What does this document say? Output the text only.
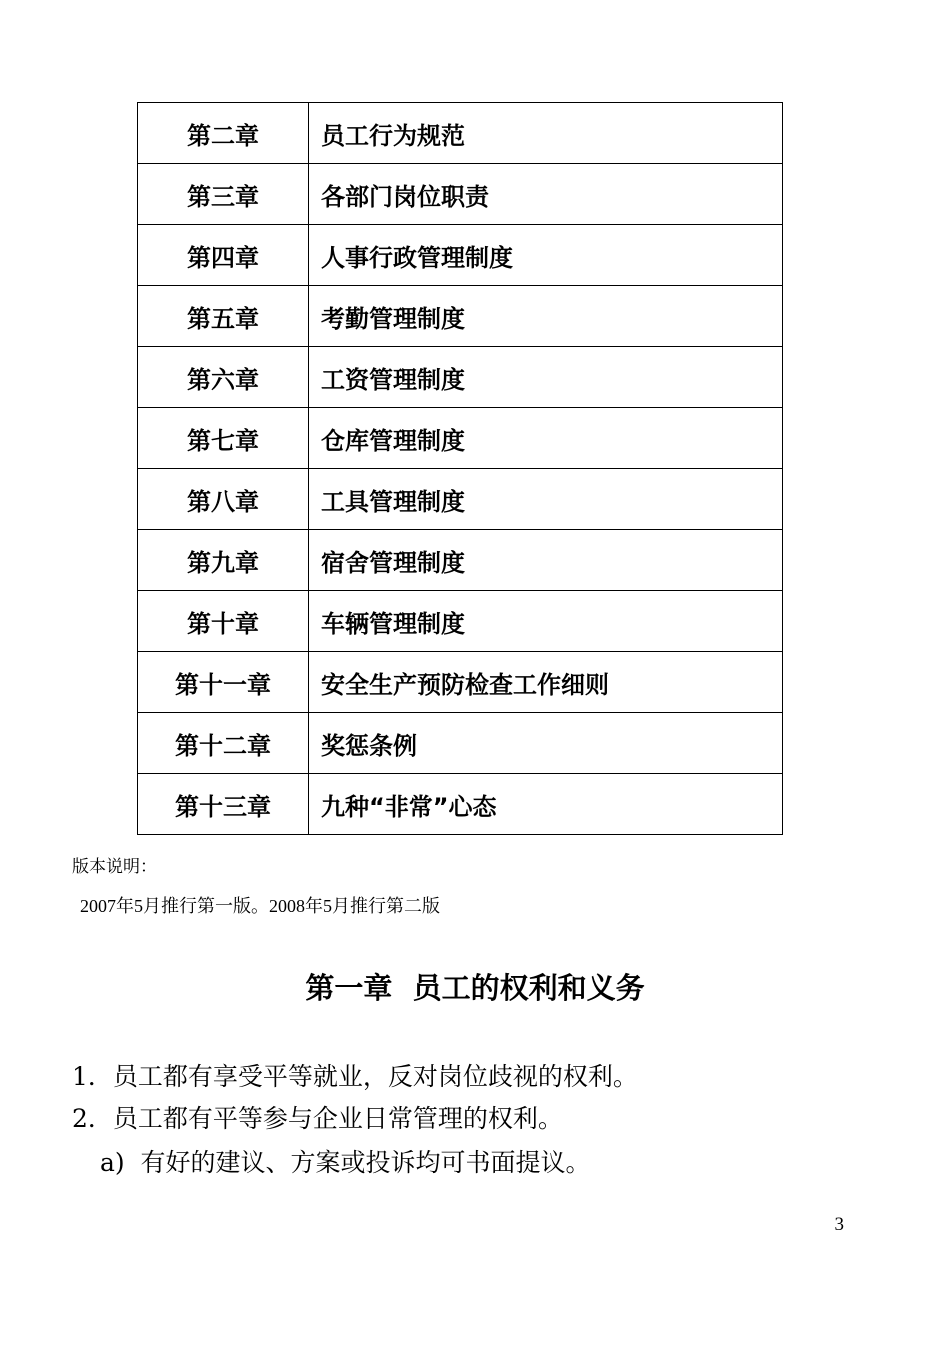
第二章	员工行为规范
第三章	各部门岗位职责
第四章	人事行政管理制度
第五章	考勤管理制度
第六章	工资管理制度
第七章	仓库管理制度
第八章	工具管理制度
第九章	宿舍管理制度
第十章	车辆管理制度
第十一章	安全生产预防检查工作细则
第十二章	奖惩条例
第十三章	九种“非常”心态
版本说明：
2007年5月推行第一版。2008年5月推行第二版
第一章  员工的权利和义务
1．员工都有享受平等就业，反对岗位歧视的权利。
2．员工都有平等参与企业日常管理的权利。
a)  有好的建议、方案或投诉均可书面提议。
3
